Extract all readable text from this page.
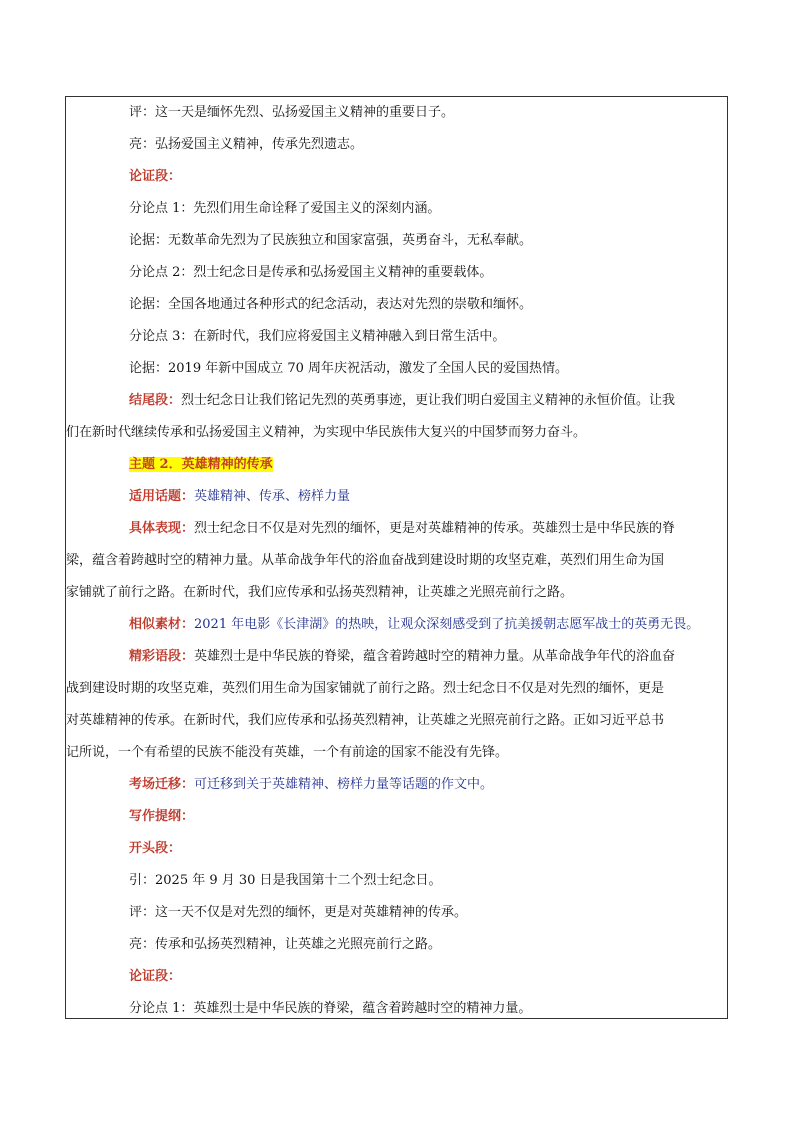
评：这一天是缅怀先烈、弘扬爱国主义精神的重要日子。
亮：弘扬爱国主义精神，传承先烈遗志。
论证段：
分论点 1：先烈们用生命诠释了爱国主义的深刻内涵。
论据：无数革命先烈为了民族独立和国家富强，英勇奋斗，无私奉献。
分论点 2：烈士纪念日是传承和弘扬爱国主义精神的重要载体。
论据：全国各地通过各种形式的纪念活动，表达对先烈的崇敬和缅怀。
分论点 3：在新时代，我们应将爱国主义精神融入到日常生活中。
论据：2019 年新中国成立 70 周年庆祝活动，激发了全国人民的爱国热情。
结尾段：烈士纪念日让我们铭记先烈的英勇事迹，更让我们明白爱国主义精神的永恒价值。让我
们在新时代继续传承和弘扬爱国主义精神，为实现中华民族伟大复兴的中国梦而努力奋斗。
主题 2．英雄精神的传承
适用话题：英雄精神、传承、榜样力量
具体表现：烈士纪念日不仅是对先烈的缅怀，更是对英雄精神的传承。英雄烈士是中华民族的脊
梁，蕴含着跨越时空的精神力量。从革命战争年代的浴血奋战到建设时期的攻坚克难，英烈们用生命为国
家铺就了前行之路。在新时代，我们应传承和弘扬英烈精神，让英雄之光照亮前行之路。
相似素材：2021 年电影《长津湖》的热映，让观众深刻感受到了抗美援朝志愿军战士的英勇无畏。
精彩语段：英雄烈士是中华民族的脊梁，蕴含着跨越时空的精神力量。从革命战争年代的浴血奋
战到建设时期的攻坚克难，英烈们用生命为国家铺就了前行之路。烈士纪念日不仅是对先烈的缅怀，更是
对英雄精神的传承。在新时代，我们应传承和弘扬英烈精神，让英雄之光照亮前行之路。正如习近平总书
记所说，一个有希望的民族不能没有英雄，一个有前途的国家不能没有先锋。
考场迁移：可迁移到关于英雄精神、榜样力量等话题的作文中。
写作提纲：
开头段：
引：2025 年 9 月 30 日是我国第十二个烈士纪念日。
评：这一天不仅是对先烈的缅怀，更是对英雄精神的传承。
亮：传承和弘扬英烈精神，让英雄之光照亮前行之路。
论证段：
分论点 1：英雄烈士是中华民族的脊梁，蕴含着跨越时空的精神力量。
